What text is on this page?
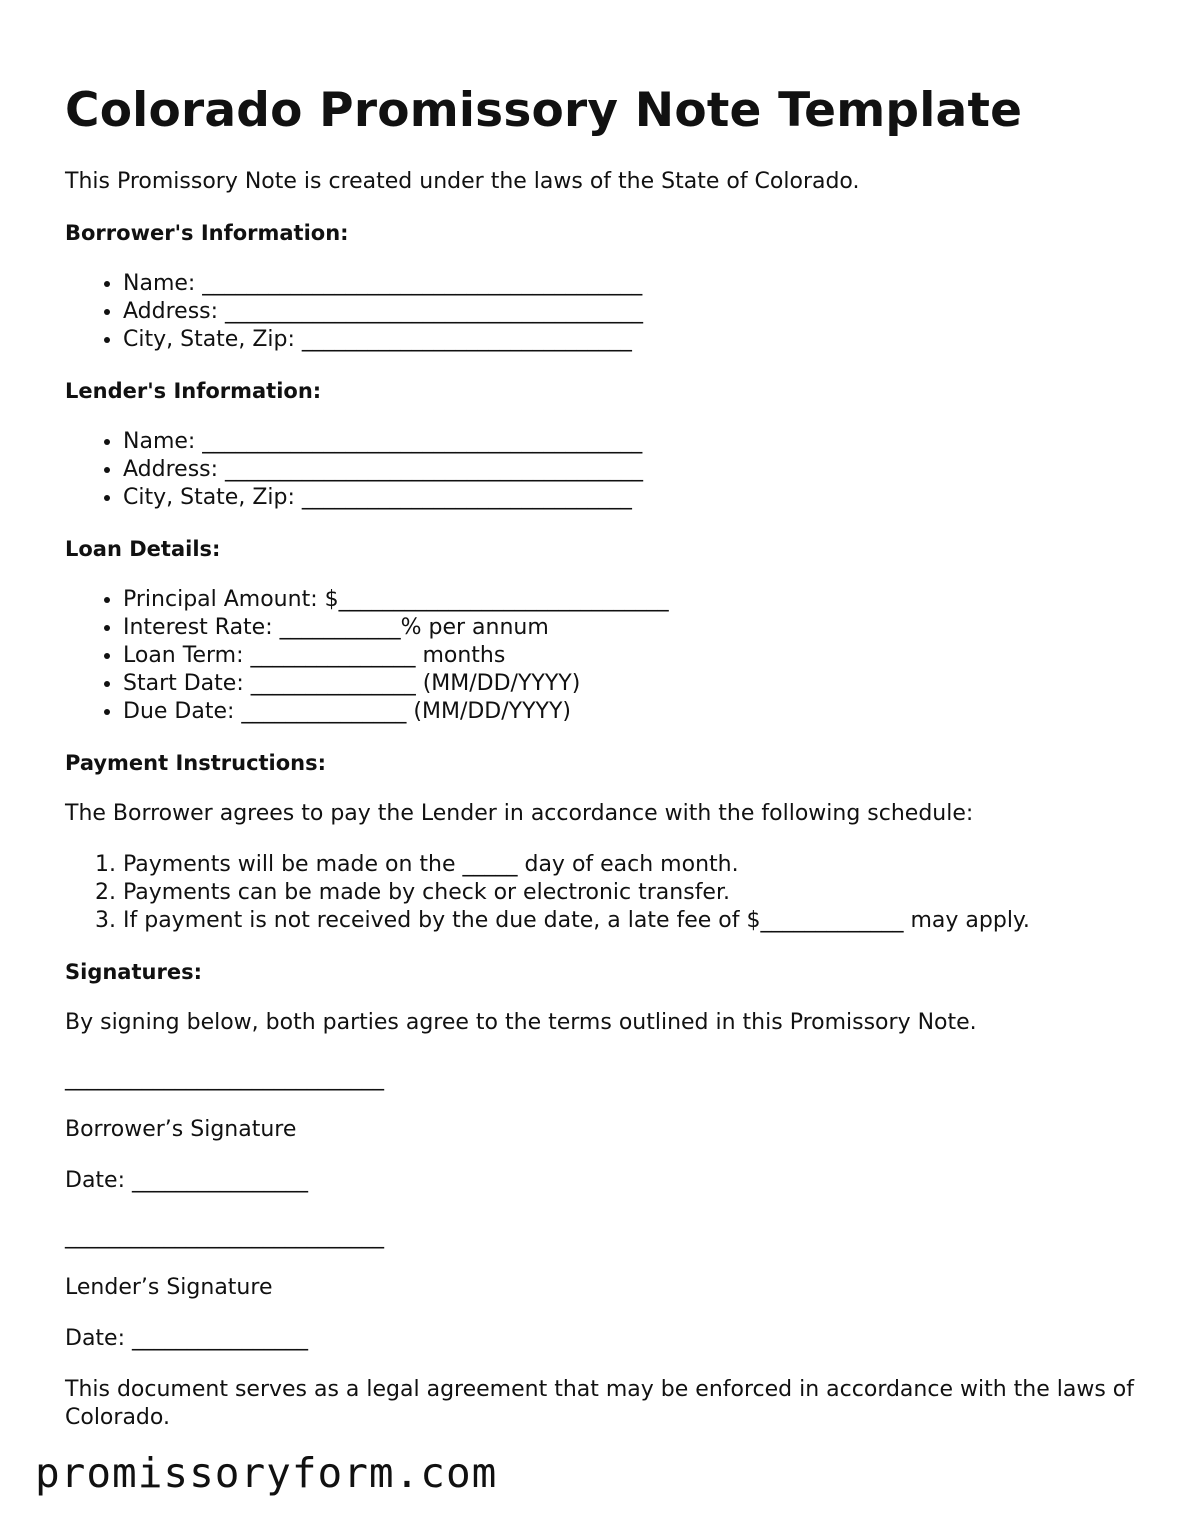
Colorado Promissory Note Template

This Promissory Note is created under the laws of the State of Colorado.

Borrower's Information:
• Name: ________________________________________
• Address: ______________________________________
• City, State, Zip: ______________________________
Lender's Information:
• Name: ________________________________________
• Address: ______________________________________
• City, State, Zip: ______________________________
Loan Details:
• Principal Amount: $______________________________
• Interest Rate: ___________% per annum
• Loan Term: _______________ months
• Start Date: _______________ (MM/DD/YYYY)
• Due Date: _______________ (MM/DD/YYYY)
Payment Instructions:

The Borrower agrees to pay the Lender in accordance with the following schedule:

1. Payments will be made on the _____ day of each month.
2. Payments can be made by check or electronic transfer.
3. If payment is not received by the due date, a late fee of $_____________ may apply.
Signatures:

By signing below, both parties agree to the terms outlined in this Promissory Note.

_____________________________

Borrower’s Signature

Date: ________________

_____________________________

Lender’s Signature

Date: ________________

This document serves as a legal agreement that may be enforced in accordance with the laws of Colorado.

promissoryform.com
